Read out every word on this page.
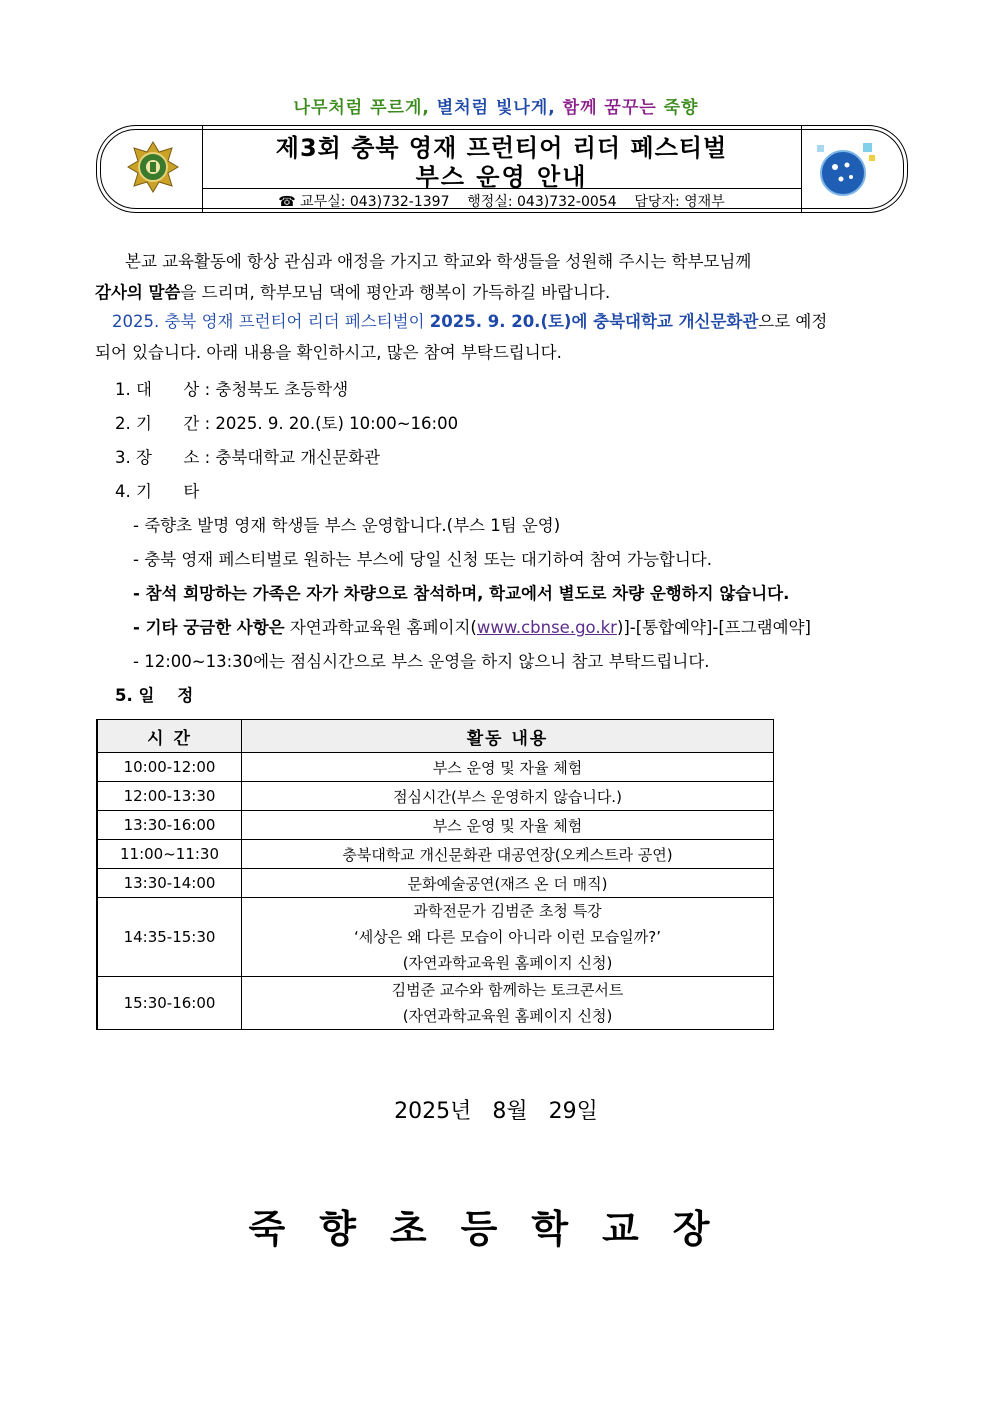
나무처럼 푸르게, 별처럼 빛나게, 함께 꿈꾸는 죽향
제3회 충북 영재 프런티어 리더 페스티벌
부스 운영 안내
☎ 교무실: 043)732-1397    행정실: 043)732-0054    담당자: 영재부
본교 교육활동에 항상 관심과 애정을 가지고 학교와 학생들을 성원해 주시는 학부모님께
감사의 말씀을 드리며, 학부모님 댁에 평안과 행복이 가득하길 바랍니다.
2025. 충북 영재 프런티어 리더 페스티벌이 2025. 9. 20.(토)에 충북대학교 개신문화관으로 예정
되어 있습니다. 아래 내용을 확인하시고, 많은 참여 부탁드립니다.
1. 대      상 : 충청북도 초등학생
2. 기      간 : 2025. 9. 20.(토) 10:00~16:00
3. 장      소 : 충북대학교 개신문화관
4. 기      타
- 죽향초 발명 영재 학생들 부스 운영합니다.(부스 1팀 운영)
- 충북 영재 페스티벌로 원하는 부스에 당일 신청 또는 대기하여 참여 가능합니다.
- 참석 희망하는 가족은 자가 차량으로 참석하며, 학교에서 별도로 차량 운행하지 않습니다.
- 기타 궁금한 사항은 자연과학교육원 홈페이지(www.cbnse.go.kr)]-[통합예약]-[프그램예약]
- 12:00~13:30에는 점심시간으로 부스 운영을 하지 않으니 참고 부탁드립니다.
5. 일    정
시 간	활동 내용
10:00-12:00	부스 운영 및 자율 체험
12:00-13:30	점심시간(부스 운영하지 않습니다.)
13:30-16:00	부스 운영 및 자율 체험
11:00~11:30	충북대학교 개신문화관 대공연장(오케스트라 공연)
13:30-14:00	문화예술공연(재즈 온 더 매직)
14:35-15:30	과학전문가 김범준 초청 특강
‘세상은 왜 다른 모습이 아니라 이런 모습일까?’
(자연과학교육원 홈페이지 신청)
15:30-16:00	김범준 교수와 함께하는 토크콘서트
(자연과학교육원 홈페이지 신청)
2025년   8월   29일
죽향초등학교장
